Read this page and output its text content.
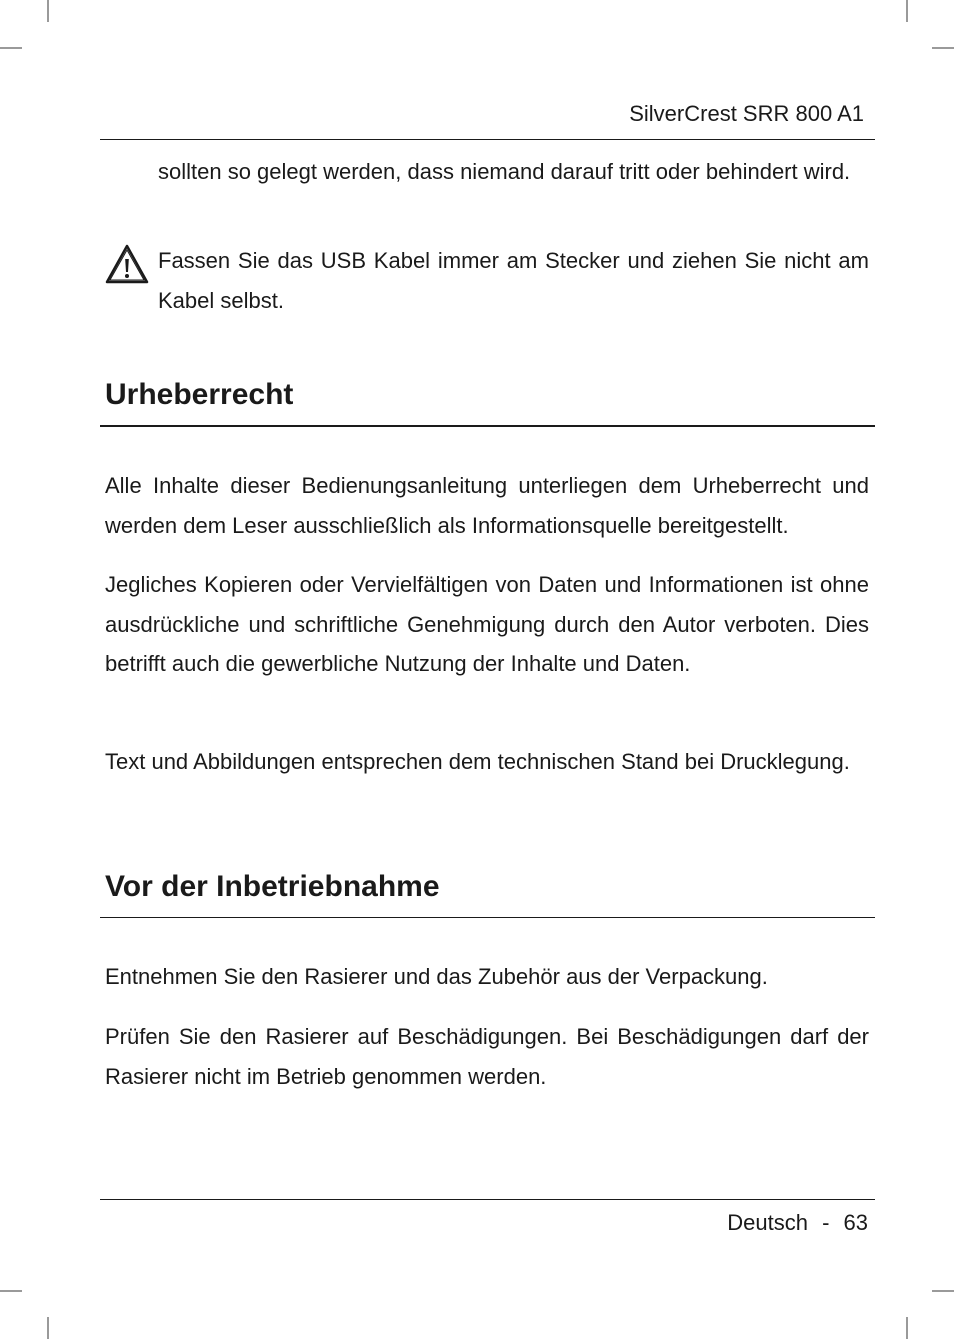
SilverCrest SRR 800 A1
sollten so gelegt werden, dass niemand darauf tritt oder behindert wird.
Fassen Sie das USB Kabel immer am Stecker und ziehen Sie nicht am Kabel selbst.
Urheberrecht
Alle Inhalte dieser Bedienungsanleitung unterliegen dem Urheberrecht und werden dem Leser ausschließlich als Informationsquelle bereitgestellt.
Jegliches Kopieren oder Vervielfältigen von Daten und Informationen ist ohne ausdrückliche und schriftliche Genehmigung durch den Autor verboten. Dies betrifft auch die gewerbliche Nutzung der Inhalte und Daten.
Text und Abbildungen entsprechen dem technischen Stand bei Drucklegung.
Vor der Inbetriebnahme
Entnehmen Sie den Rasierer und das Zubehör aus der Verpackung.
Prüfen Sie den Rasierer auf Beschädigungen. Bei Beschädigungen darf der Rasierer nicht im Betrieb genommen werden.
Deutsch - 63
